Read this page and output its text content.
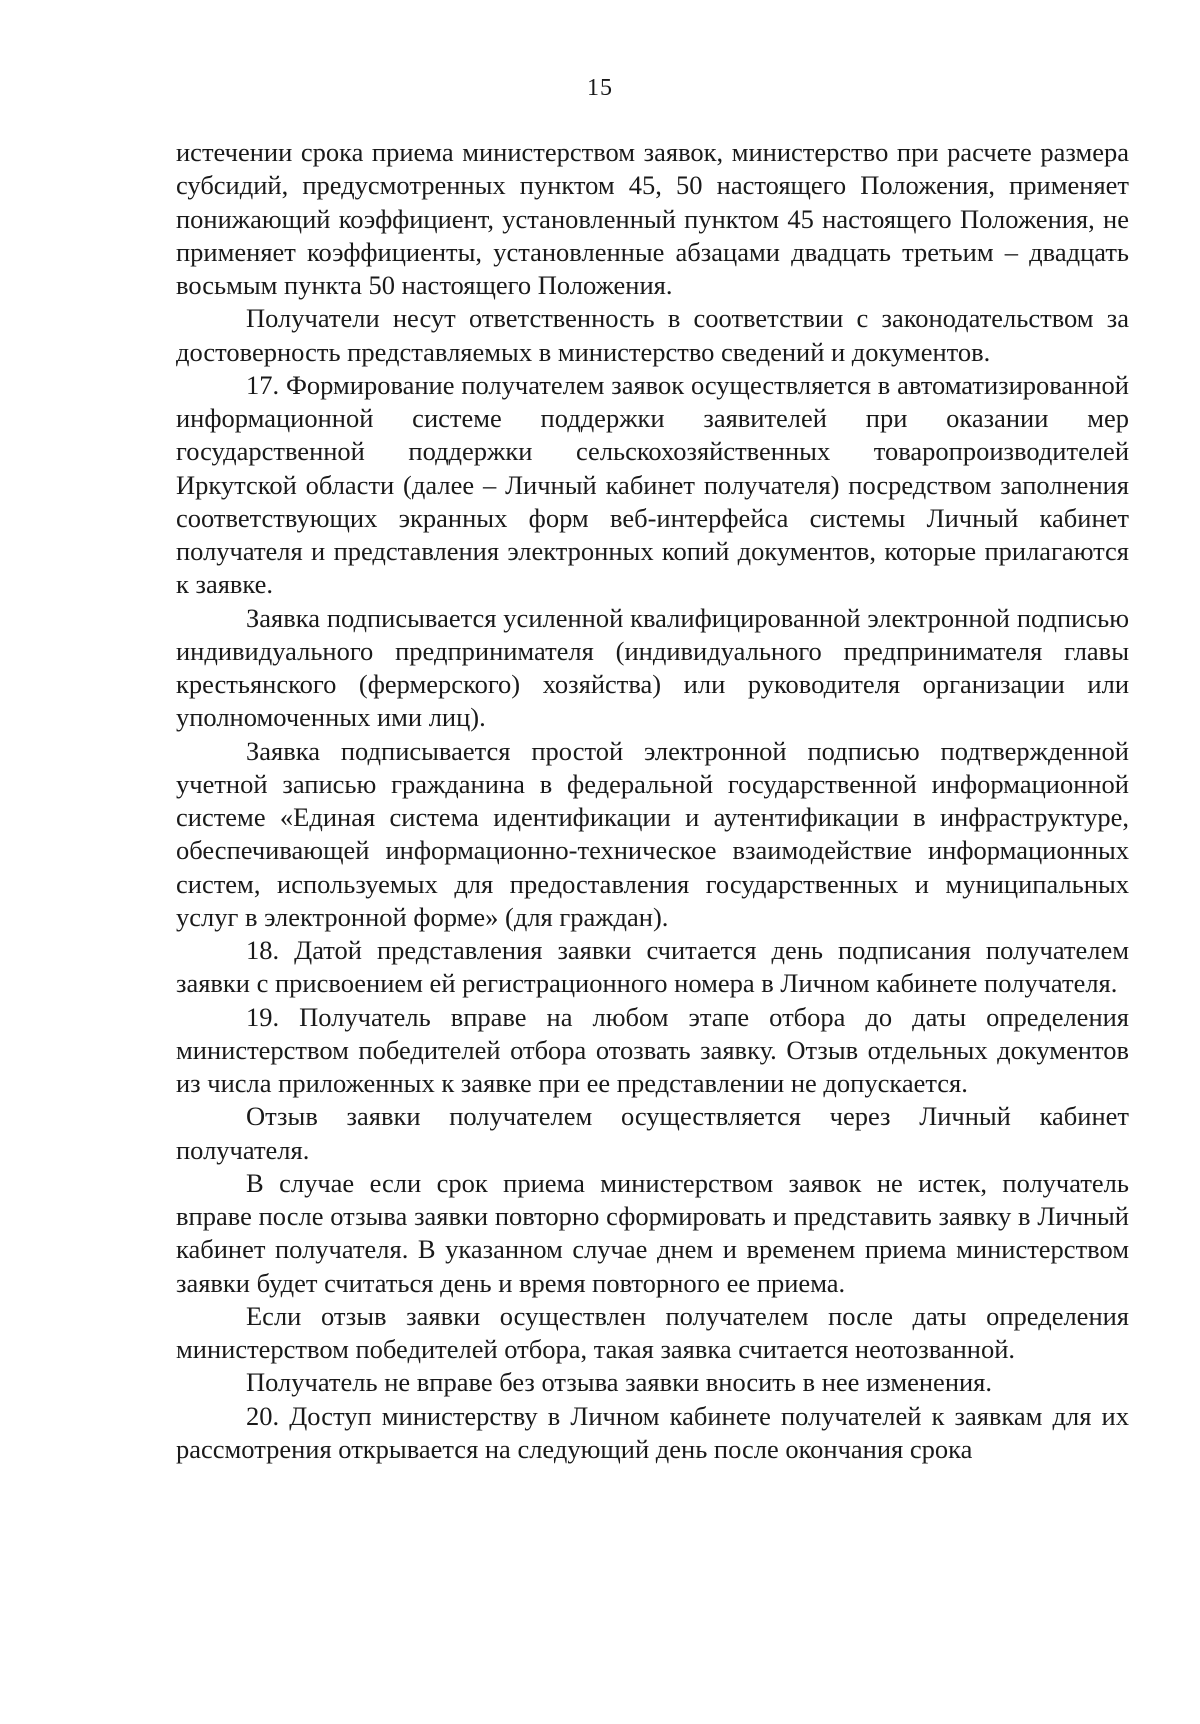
15

истечении срока приема министерством заявок, министерство при расчете размера субсидий, предусмотренных пунктом 45, 50 настоящего Положения, применяет понижающий коэффициент, установленный пунктом 45 настоящего Положения, не применяет коэффициенты, установленные абзацами двадцать третьим – двадцать восьмым пункта 50 настоящего Положения.

Получатели несут ответственность в соответствии с законодательством за достоверность представляемых в министерство сведений и документов.

17. Формирование получателем заявок осуществляется в автоматизированной информационной системе поддержки заявителей при оказании мер государственной поддержки сельскохозяйственных товаропроизводителей Иркутской области (далее – Личный кабинет получателя) посредством заполнения соответствующих экранных форм веб-интерфейса системы Личный кабинет получателя и представления электронных копий документов, которые прилагаются к заявке.

Заявка подписывается усиленной квалифицированной электронной подписью индивидуального предпринимателя (индивидуального предпринимателя главы крестьянского (фермерского) хозяйства) или руководителя организации или уполномоченных ими лиц).

Заявка подписывается простой электронной подписью подтвержденной учетной записью гражданина в федеральной государственной информационной системе «Единая система идентификации и аутентификации в инфраструктуре, обеспечивающей информационно-техническое взаимодействие информационных систем, используемых для предоставления государственных и муниципальных услуг в электронной форме» (для граждан).

18. Датой представления заявки считается день подписания получателем заявки с присвоением ей регистрационного номера в Личном кабинете получателя.

19. Получатель вправе на любом этапе отбора до даты определения министерством победителей отбора отозвать заявку. Отзыв отдельных документов из числа приложенных к заявке при ее представлении не допускается.

Отзыв заявки получателем осуществляется через Личный кабинет получателя.

В случае если срок приема министерством заявок не истек, получатель вправе после отзыва заявки повторно сформировать и представить заявку в Личный кабинет получателя. В указанном случае днем и временем приема министерством заявки будет считаться день и время повторного ее приема.

Если отзыв заявки осуществлен получателем после даты определения министерством победителей отбора, такая заявка считается неотозванной.

Получатель не вправе без отзыва заявки вносить в нее изменения.

20. Доступ министерству в Личном кабинете получателей к заявкам для их рассмотрения открывается на следующий день после окончания срока
